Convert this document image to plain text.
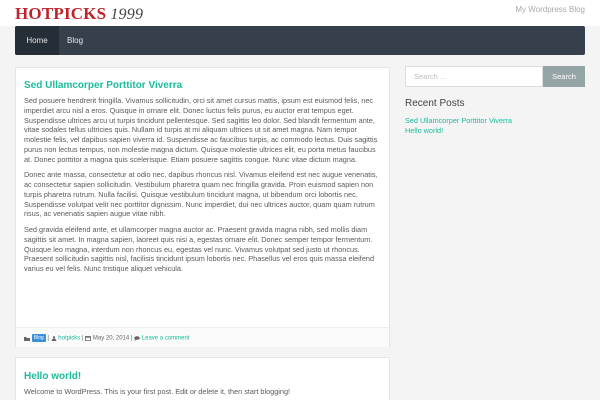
HOTPICKS 1999	My Wordpress Blog
Home	Blog
Sed Ullamcorper Porttitor Viverra

Sed posuere hendrerit fringilla. Vivamus sollicitudin, orci sit amet cursus mattis, ipsum est euismod felis, nec imperdiet arcu nisl a eros. Quisque in ornare elit. Donec luctus felis purus, eu auctor erat tempus eget. Suspendisse ultrices arcu ut turpis tincidunt pellentesque. Sed sagittis leo dolor. Sed blandit fermentum ante, vitae sodales tellus ultricies quis. Nullam id turpis at mi aliquam ultrices ut sit amet magna. Nam tempor molestie felis, vel dapibus sapien viverra id. Suspendisse ac faucibus turpis, ac commodo lectus. Duis sagittis purus non lectus tempus, non molestie magna dictum. Quisque molestie ultrices elit, eu porta metus faucibus at. Donec porttitor a magna quis scelerisque. Etiam posuere sagittis congue. Nunc vitae dictum magna.

Donec ante massa, consectetur at odio nec, dapibus rhoncus nisl. Vivamus eleifend est nec augue venenatis, ac consectetur sapien sollicitudin. Vestibulum pharetra quam nec fringilla gravida. Proin euismod sapien non turpis pharetra rutrum. Nulla facilisi. Quisque vestibulum tincidunt magna, ut bibendum orci lobortis nec. Suspendisse volutpat velit nec porttitor dignissim. Nunc imperdiet, dui nec ultrices auctor, quam quam rutrum risus, ac venenatis sapien augue vitae nibh.

Sed gravida eleifend ante, et ullamcorper magna auctor ac. Praesent gravida magna nibh, sed mollis diam sagittis sit amet. In magna sapien, laoreet quis nisi a, egestas ornare elit. Donec semper tempor fermentum. Quisque leo magna, interdum non rhoncus eu, egestas vel nunc. Vivamus volutpat sed justo ut rhoncus. Praesent sollicitudin sagittis nisl, facilisis tincidunt ipsum lobortis nec. Phasellus vel eros quis massa eleifend varius eu vel felis. Nunc tristique aliquet vehicula.

Blog |  hotpicks |  May 20, 2014 |  Leave a comment
Hello world!
Welcome to WordPress. This is your first post. Edit or delete it, then start blogging!
Search ...
Search
Recent Posts
Sed Ullamcorper Porttitor Viverra
Hello world!
